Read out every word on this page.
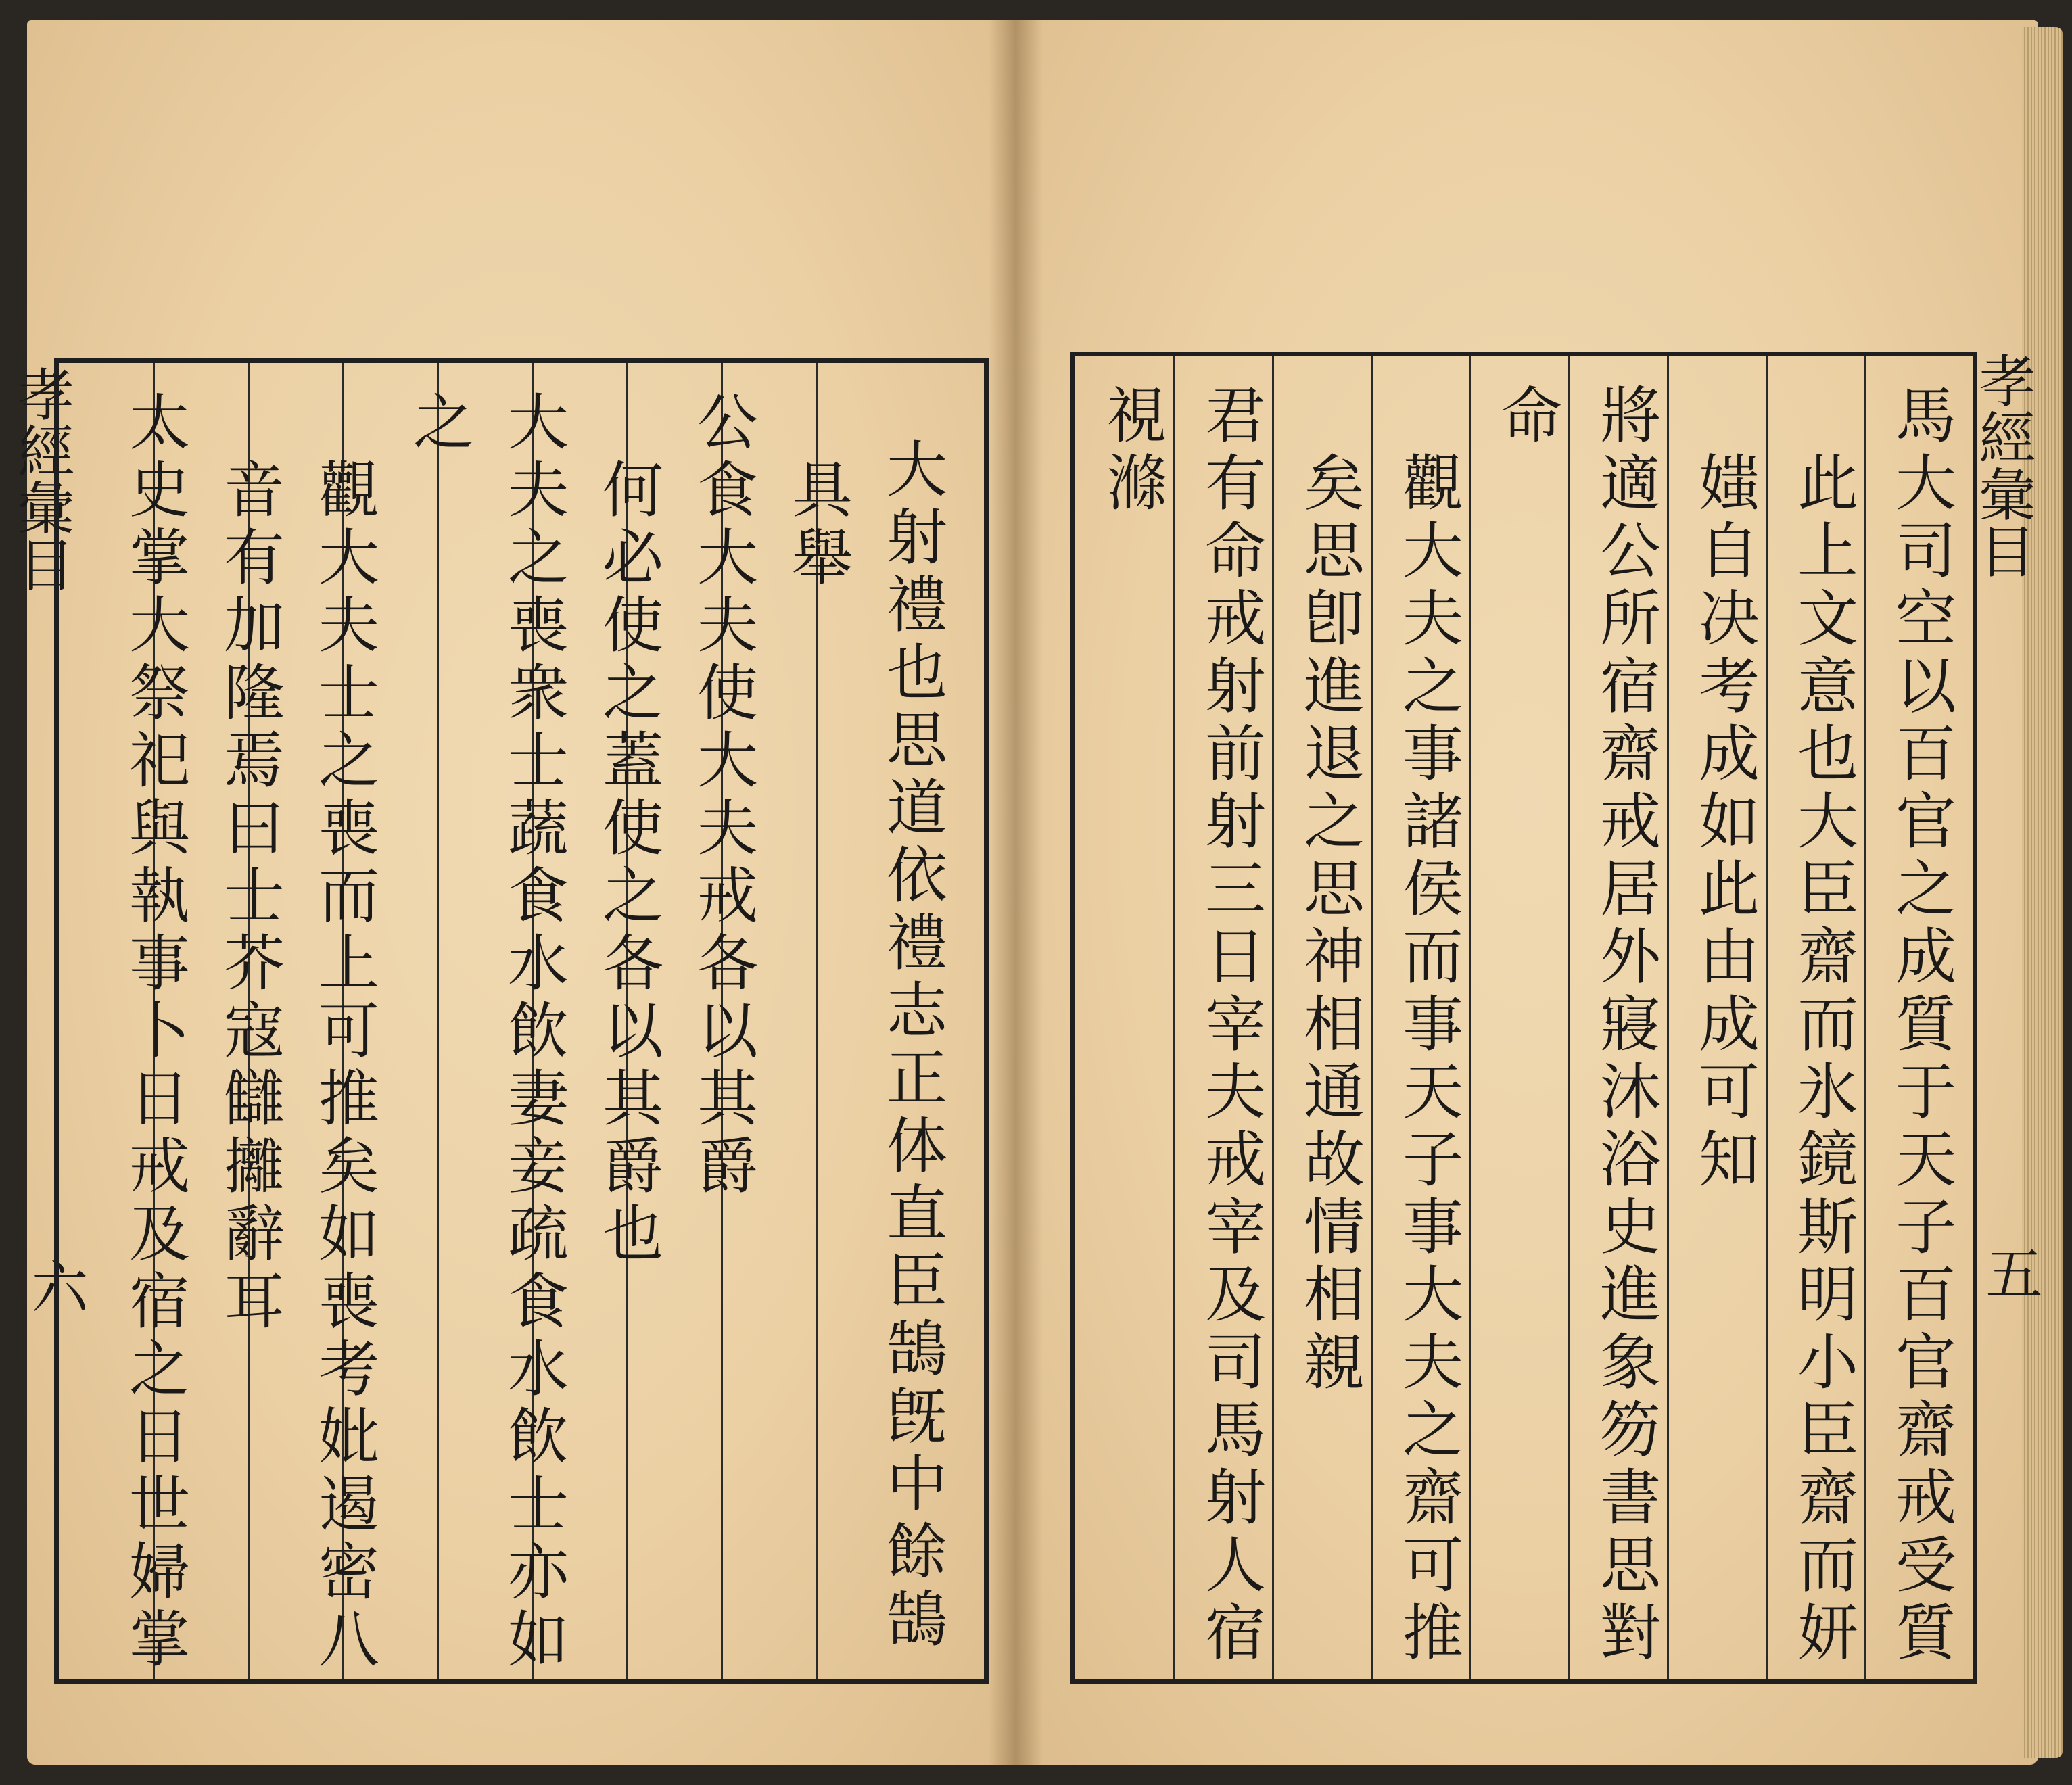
孝經彙目
六	大射禮也思道依禮志正体直臣鵠旣中餘鵠
具舉
公食大夫使大夫戒各以其爵
何必使之蓋使之各以其爵也
大夫之喪衆士蔬食水飲妻妾疏食水飲士亦如
之
觀大夫士之喪而上可推矣如喪考妣遏密八
音有加隆焉曰士芥寇讎攡辭耳
太史掌大祭祀與執事卜日戒及宿之日世婦掌	馬大司空以百官之成質于天子百官齋戒受質
此上文意也大臣齋而氷鏡斯明小臣齋而妍
媸自决考成如此由成可知
將適公所宿齋戒居外寢沐浴史進象笏書思對
命
觀大夫之事諸侯而事天子事大夫之齋可推
矣思卽進退之思神相通故情相親
君有命戒射前射三日宰夫戒宰及司馬射人宿
視滌	孝經彙目
五
